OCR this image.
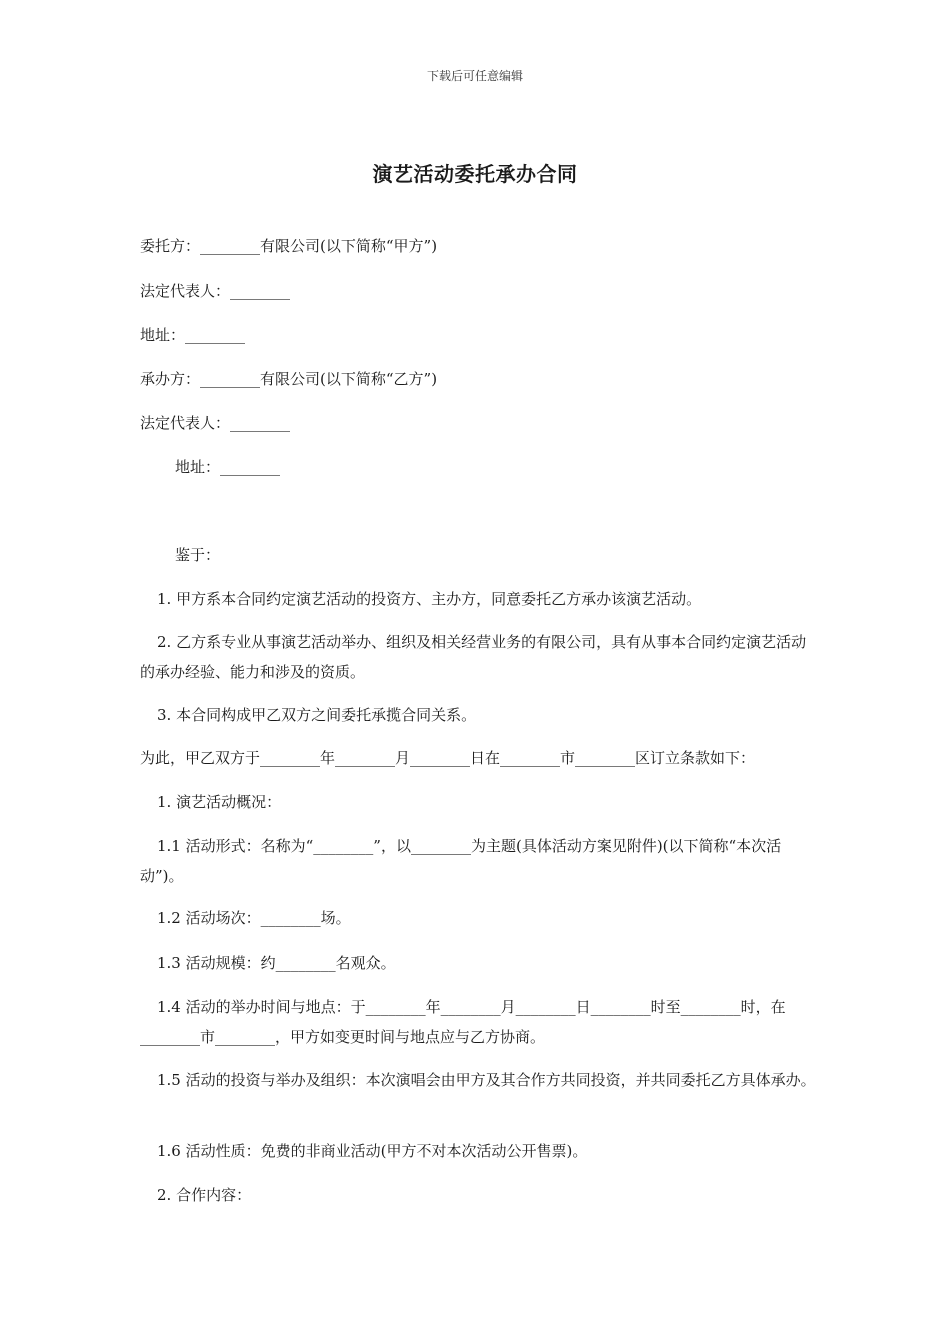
下载后可任意编辑
演艺活动委托承办合同
委托方：________有限公司(以下简称“甲方”)
法定代表人：________
地址：________
承办方：________有限公司(以下简称“乙方”)
法定代表人：________
地址：________
鉴于：
1. 甲方系本合同约定演艺活动的投资方、主办方，同意委托乙方承办该演艺活动。
2. 乙方系专业从事演艺活动举办、组织及相关经营业务的有限公司，具有从事本合同约定演艺活动的承办经验、能力和涉及的资质。
3. 本合同构成甲乙双方之间委托承揽合同关系。
为此，甲乙双方于________年________月________日在________市________区订立条款如下：
1. 演艺活动概况：
1.1 活动形式：名称为“________”，以________为主题(具体活动方案见附件)(以下简称“本次活动”)。
1.2 活动场次：________场。
1.3 活动规模：约________名观众。
1.4 活动的举办时间与地点：于________年________月________日________时至________时，在________市________，甲方如变更时间与地点应与乙方协商。
1.5 活动的投资与举办及组织：本次演唱会由甲方及其合作方共同投资，并共同委托乙方具体承办。
1.6 活动性质：免费的非商业活动(甲方不对本次活动公开售票)。
2. 合作内容：
